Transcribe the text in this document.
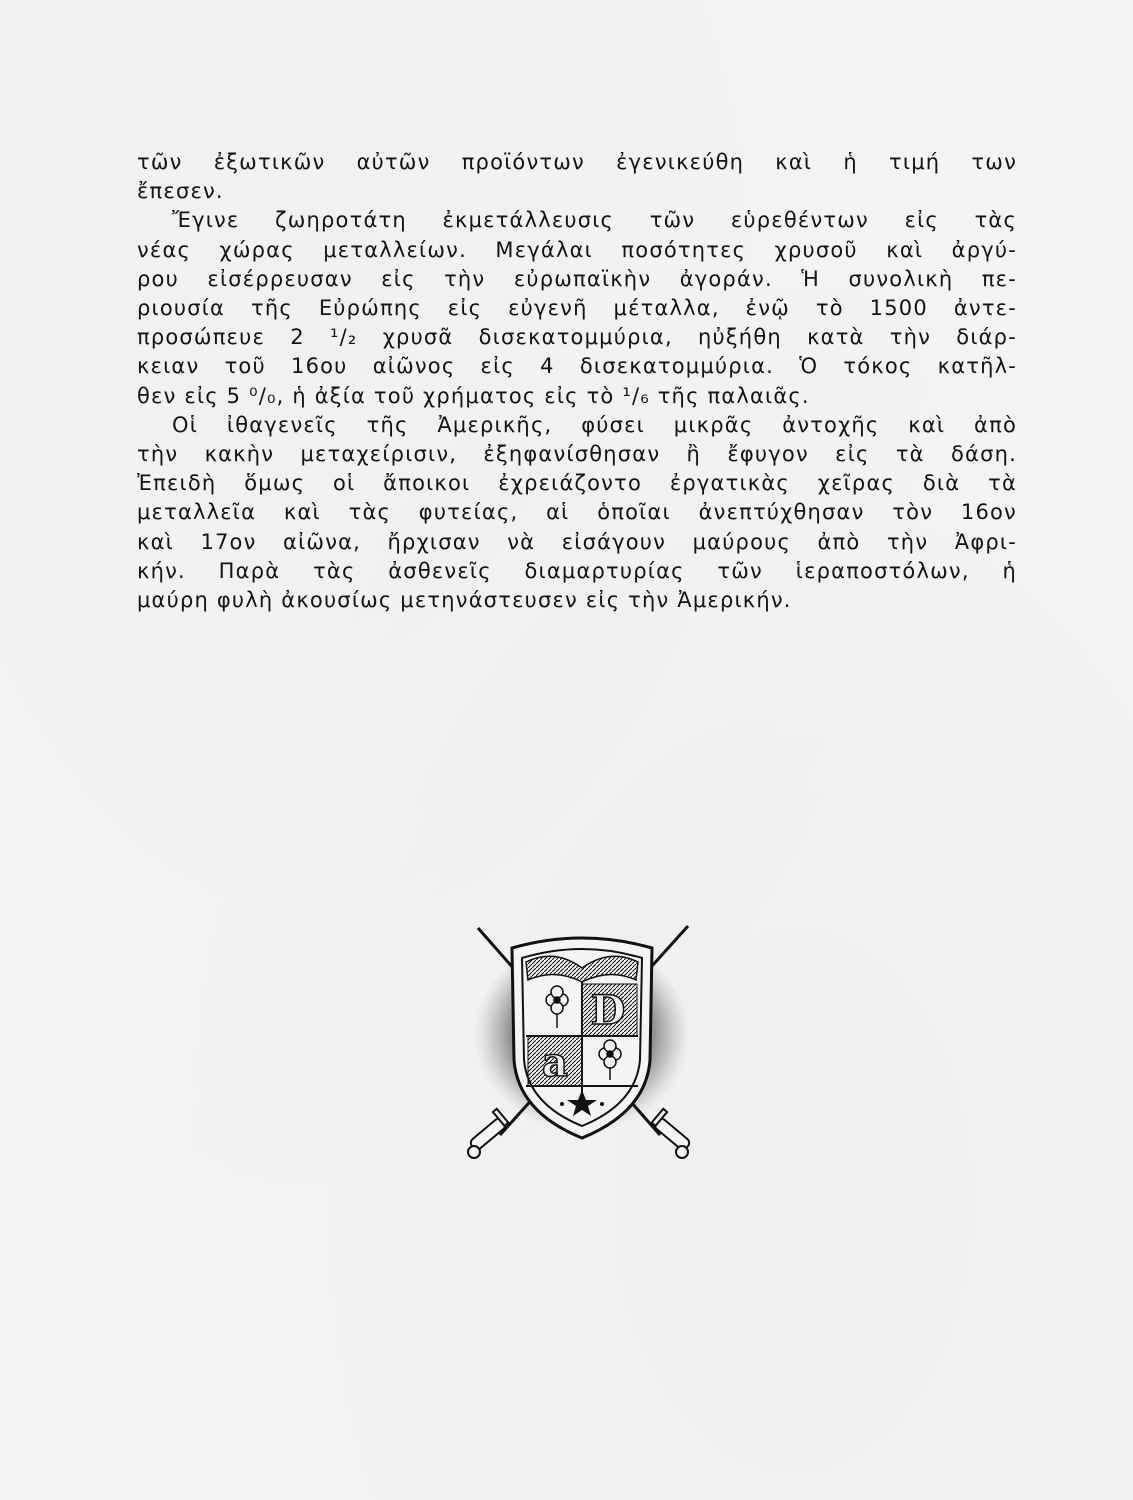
τῶν ἐξωτικῶν αὐτῶν προϊόντων ἐγενικεύθη καὶ ἡ τιμή των
ἔπεσεν.
Ἔγινε ζωηροτάτη ἐκμετάλλευσις τῶν εὑρεθέντων εἰς τὰς
νέας χώρας μεταλλείων. Μεγάλαι ποσότητες χρυσοῦ καὶ ἀργύ-
ρου εἰσέρρευσαν εἰς τὴν εὐρωπαϊκὴν ἀγοράν. Ἡ συνολικὴ πε-
ριουσία τῆς Εὐρώπης εἰς εὐγενῆ μέταλλα, ἐνῷ τὸ 1500 ἀντε-
προσώπευε 2 ¹/₂ χρυσᾶ δισεκατομμύρια, ηὐξήθη κατὰ τὴν διάρ-
κειαν τοῦ 16ου αἰῶνος εἰς 4 δισεκατομμύρια. Ὁ τόκος κατῆλ-
θεν εἰς 5 ⁰/₀, ἡ ἀξία τοῦ χρήματος εἰς τὸ ¹/₆ τῆς παλαιᾶς.
Οἱ ἰθαγενεῖς τῆς Ἀμερικῆς, φύσει μικρᾶς ἀντοχῆς καὶ ἀπὸ
τὴν κακὴν μεταχείρισιν, ἐξηφανίσθησαν ἢ ἔφυγον εἰς τὰ δάση.
Ἐπειδὴ ὅμως οἱ ἄποικοι ἐχρειάζοντο ἐργατικὰς χεῖρας διὰ τὰ
μεταλλεῖα καὶ τὰς φυτείας, αἱ ὁποῖαι ἀνεπτύχθησαν τὸν 16ον
καὶ 17ον αἰῶνα, ἤρχισαν νὰ εἰσάγουν μαύρους ἀπὸ τὴν Ἀφρι-
κήν. Παρὰ τὰς ἀσθενεῖς διαμαρτυρίας τῶν ἱεραποστόλων, ἡ
μαύρη φυλὴ ἀκουσίως μετηνάστευσεν εἰς τὴν Ἀμερικήν.
D
a
